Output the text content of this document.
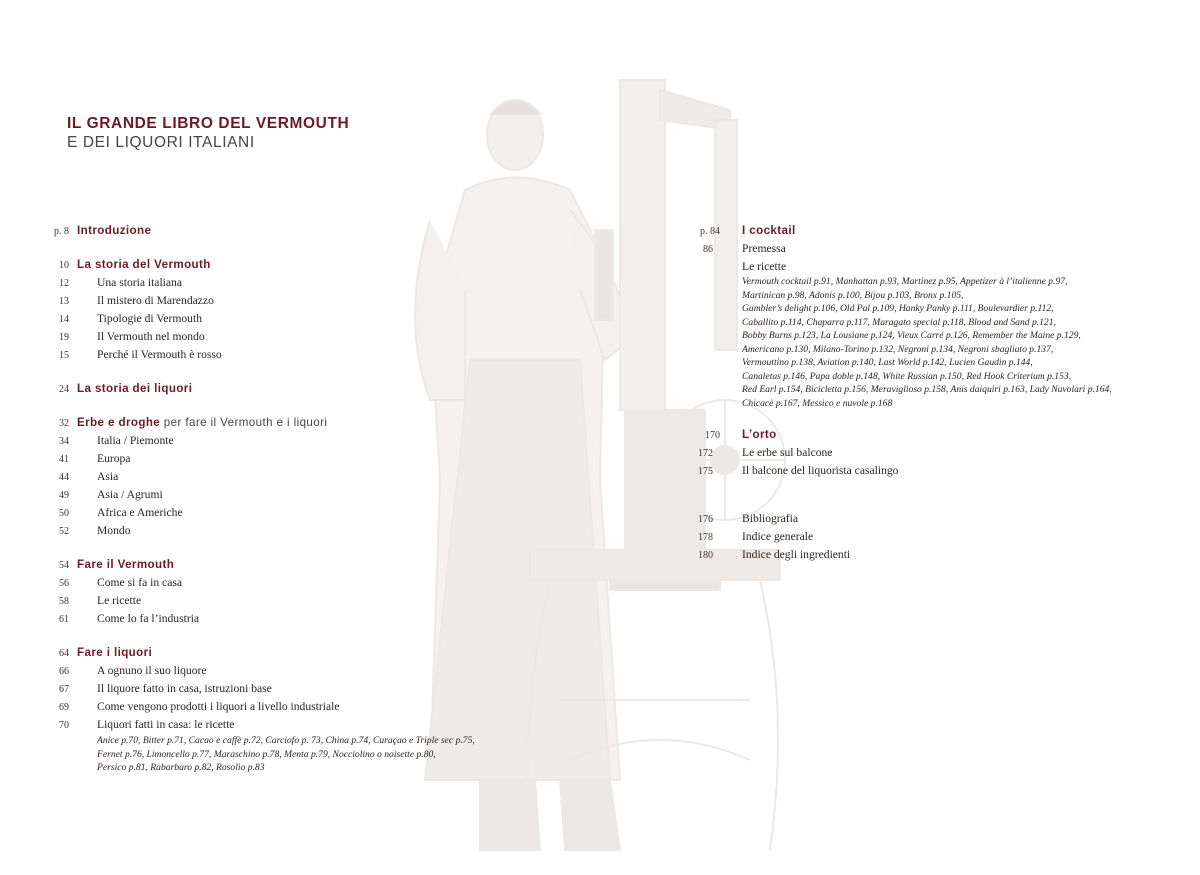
IL GRANDE LIBRO DEL VERMOUTH
E DEI LIQUORI ITALIANI
p. 8 Introduzione
10 La storia del Vermouth
12	Una storia italiana
13	Il mistero di Marendazzo
14	Tipologie di Vermouth
19	Il Vermouth nel mondo
15	Perché il Vermouth è rosso
24 La storia dei liquori
32 Erbe e droghe per fare il Vermouth e i liquori
34	Italia / Piemonte
41	Europa
44	Asia
49	Asia / Agrumi
50	Africa e Americhe
52	Mondo
54 Fare il Vermouth
56	Come si fa in casa
58	Le ricette
61	Come lo fa l’industria
64 Fare i liquori
66	A ognuno il suo liquore
67	Il liquore fatto in casa, istruzioni base
69	Come vengono prodotti i liquori a livello industriale
70	Liquori fatti in casa: le ricette
Anice p.70, Bitter p.71, Cacao e caffè p.72, Carciofo p. 73, China p.74, Curaçao e Triple sec p.75,
Fernet p.76, Limoncello p.77, Maraschino p.78, Menta p.79, Nocciolino o noisette p.80,
Persico p.81, Rabarbaro p.82, Rosolio p.83
p. 84	I cocktail
86	Premessa
Le ricette
Vermouth cocktail p.91, Manhattan p.93, Martinez p.95, Appetizer à l’italienne p.97,
Martinican p.98, Adonis p.100, Bijou p.103, Bronx p.105,
Gambler’s delight p.106, Old Pal p.109, Hanky Panky p.111, Boulevardier p.112,
Caballito p.114, Chaparra p.117, Maragato special p.118, Blood and Sand p.121,
Bobby Burns p.123, La Lousiane p.124, Vieux Carré p.126, Remember the Maine p.129,
Americano p.130, Milano-Torino p.132, Negroni p.134, Negroni sbagliato p.137,
Vermouttino p.138, Aviation p.140, Last World p.142, Lucien Gaudin p.144,
Canaletas p.146, Papa doble p.148, White Russian p.150, Red Hook Criterium p.153,
Red Earl p.154, Bicicletta p.156, Meraviglioso p.158, Anis daiquiri p.163, Lady Nuvolari p.164,
Chicacè p.167, Messico e nuvole p.168
170	L’orto
172	Le erbe sul balcone
175	Il balcone del liquorista casalingo
176	Bibliografia
178	Indice generale
180	Indice degli ingredienti
